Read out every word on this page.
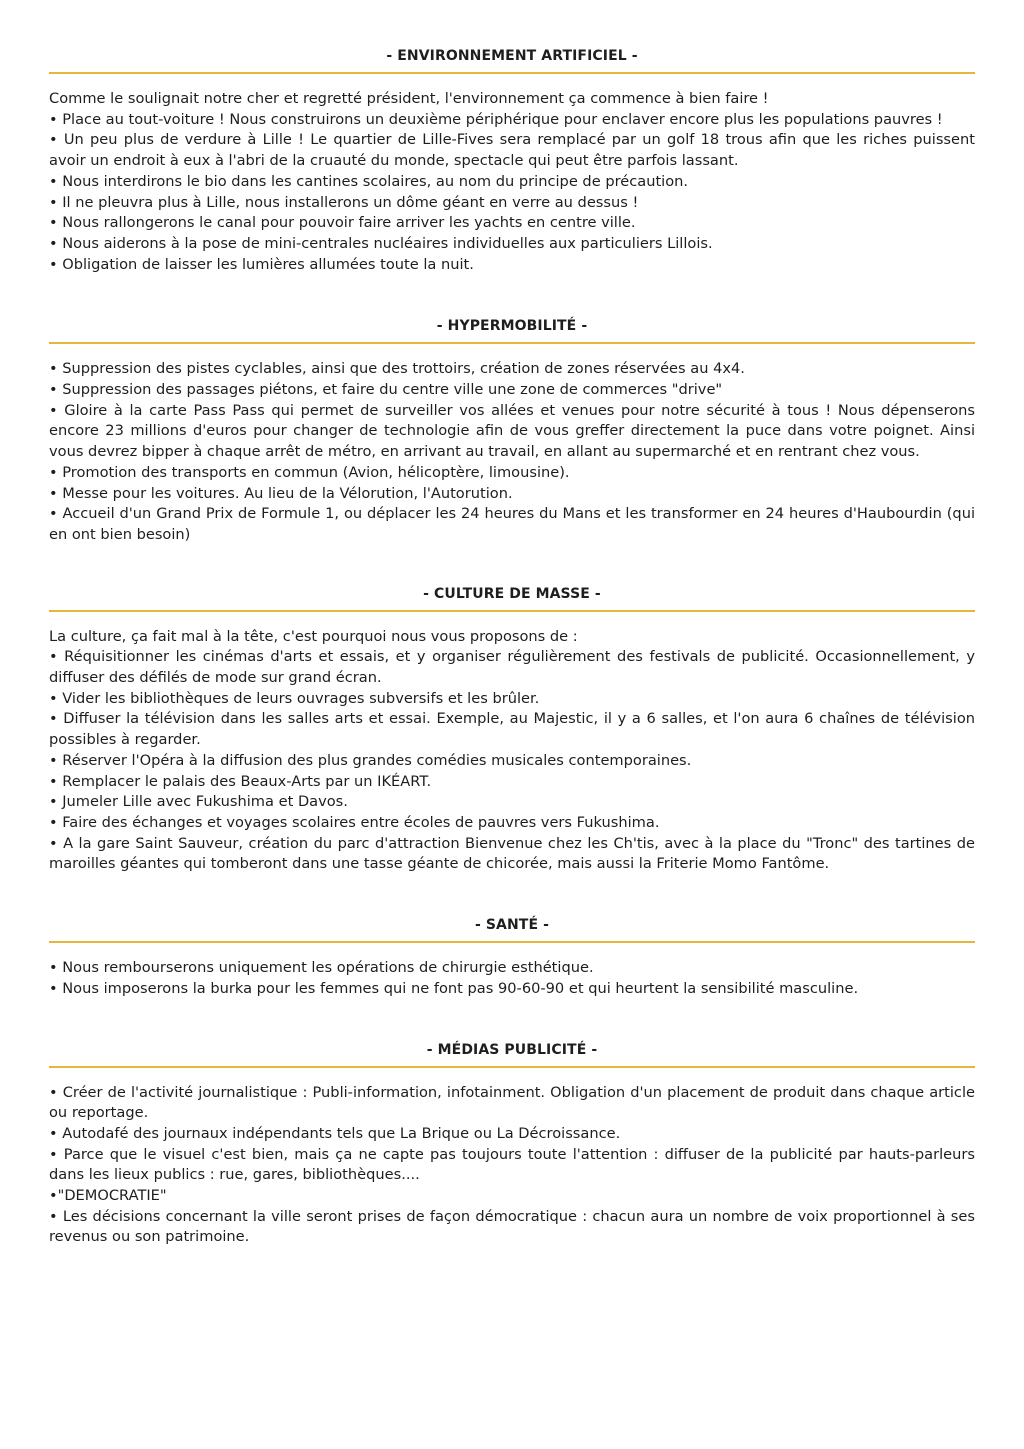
- ENVIRONNEMENT ARTIFICIEL -

Comme le soulignait notre cher et regretté président, l'environnement ça commence à bien faire !

• Place au tout-voiture ! Nous construirons un deuxième périphérique pour enclaver encore plus les populations pauvres !

• Un peu plus de verdure à Lille ! Le quartier de Lille-Fives sera remplacé par un golf 18 trous afin que les riches puissent avoir un endroit à eux à l'abri de la cruauté du monde, spectacle qui peut être parfois lassant.

• Nous interdirons le bio dans les cantines scolaires, au nom du principe de précaution.

• Il ne pleuvra plus à Lille, nous installerons un dôme géant en verre au dessus !

• Nous rallongerons le canal pour pouvoir faire arriver les yachts en centre ville.

• Nous aiderons à la pose de mini-centrales nucléaires individuelles aux particuliers Lillois.

• Obligation de laisser les lumières allumées toute la nuit.

- HYPERMOBILITÉ -

• Suppression des pistes cyclables, ainsi que des trottoirs, création de zones réservées au 4x4.

• Suppression des passages piétons, et faire du centre ville une zone de commerces "drive"

• Gloire à la carte Pass Pass qui permet de surveiller vos allées et venues pour notre sécurité à tous ! Nous dépenserons encore 23 millions d'euros pour changer de technologie afin de vous greffer directement la puce dans votre poignet. Ainsi vous devrez bipper à chaque arrêt de métro, en arrivant au travail, en allant au supermarché et en rentrant chez vous.

• Promotion des transports en commun (Avion, hélicoptère, limousine).

• Messe pour les voitures. Au lieu de la Vélorution, l'Autorution.

• Accueil d'un Grand Prix de Formule 1, ou déplacer les 24 heures du Mans et les transformer en 24 heures d'Haubourdin (qui en ont bien besoin)

- CULTURE DE MASSE -

La culture, ça fait mal à la tête, c'est pourquoi nous vous proposons de :

• Réquisitionner les cinémas d'arts et essais, et y organiser régulièrement des festivals de publicité. Occasionnellement, y diffuser des défilés de mode sur grand écran.

• Vider les bibliothèques de leurs ouvrages subversifs et les brûler.

• Diffuser la télévision dans les salles arts et essai. Exemple, au Majestic, il y a 6 salles, et l'on aura 6 chaînes de télévision possibles à regarder.

• Réserver l'Opéra à la diffusion des plus grandes comédies musicales contemporaines.

• Remplacer le palais des Beaux-Arts par un IKÉART.

• Jumeler Lille avec Fukushima et Davos.

• Faire des échanges et voyages scolaires entre écoles de pauvres vers Fukushima.

• A la gare Saint Sauveur, création du parc d'attraction Bienvenue chez les Ch'tis, avec à la place du "Tronc" des tartines de maroilles géantes qui tomberont dans une tasse géante de chicorée, mais aussi la Friterie Momo Fantôme.

- SANTÉ -

• Nous rembourserons uniquement les opérations de chirurgie esthétique.

• Nous imposerons la burka pour les femmes qui ne font pas 90-60-90 et qui heurtent la sensibilité masculine.

- MÉDIAS PUBLICITÉ -

• Créer de l'activité journalistique : Publi-information, infotainment. Obligation d'un placement de produit dans chaque article ou reportage.

• Autodafé des journaux indépendants tels que La Brique ou La Décroissance.

• Parce que le visuel c'est bien, mais ça ne capte pas toujours toute l'attention : diffuser de la publicité par hauts-parleurs dans les lieux publics : rue, gares, bibliothèques....

•"DEMOCRATIE"

• Les décisions concernant la ville seront prises de façon démocratique : chacun aura un nombre de voix proportionnel à ses revenus ou son patrimoine.
